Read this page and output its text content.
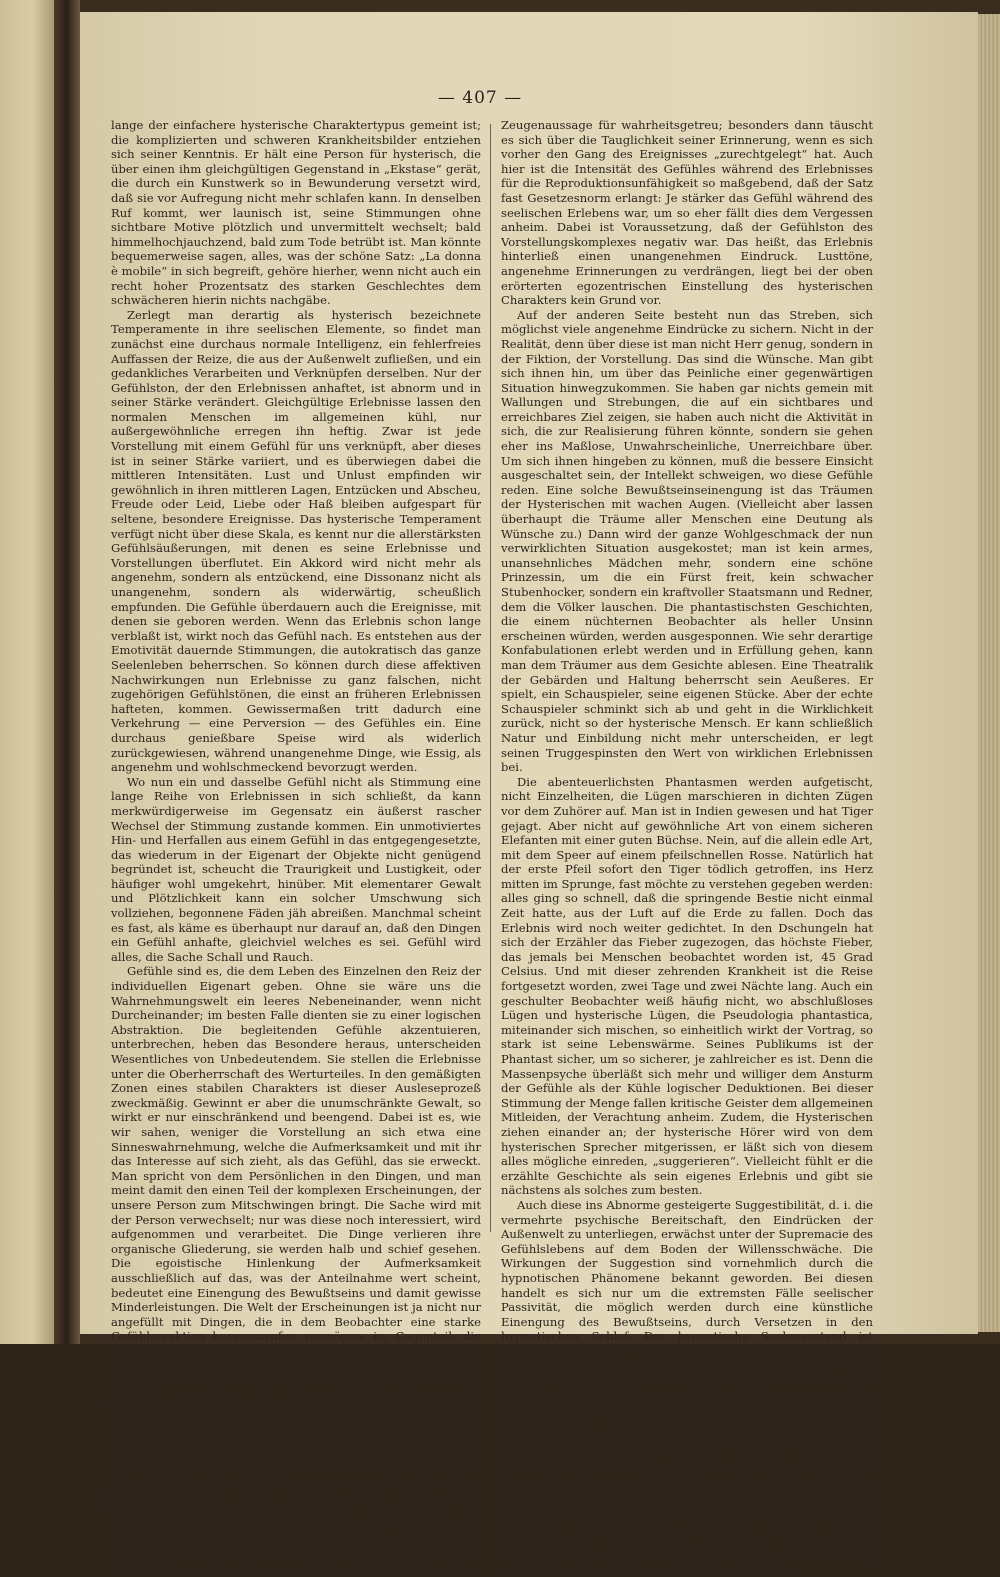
— 407 —

lange der einfachere hysterische Charaktertypus gemeint ist; die komplizierten und schweren Krankheitsbilder entziehen sich seiner Kenntnis. Er hält eine Person für hysterisch, die über einen ihm gleichgültigen Gegenstand in „Ekstase“ gerät, die durch ein Kunstwerk so in Bewunderung versetzt wird, daß sie vor Aufregung nicht mehr schlafen kann. In denselben Ruf kommt, wer launisch ist, seine Stimmungen ohne sichtbare Motive plötzlich und unvermittelt wechselt; bald himmelhochjauchzend, bald zum Tode betrübt ist. Man könnte bequemerweise sagen, alles, was der schöne Satz: „La donna è mobile“ in sich begreift, gehöre hierher, wenn nicht auch ein recht hoher Prozentsatz des starken Geschlechtes dem schwächeren hierin nichts nachgäbe.

Zerlegt man derartig als hysterisch bezeichnete Temperamente in ihre seelischen Elemente, so findet man zunächst eine durchaus normale Intelligenz, ein fehlerfreies Auffassen der Reize, die aus der Außenwelt zufließen, und ein gedankliches Verarbeiten und Verknüpfen derselben. Nur der Gefühlston, der den Erlebnissen anhaftet, ist abnorm und in seiner Stärke verändert. Gleichgültige Erlebnisse lassen den normalen Menschen im allgemeinen kühl, nur außergewöhnliche erregen ihn heftig. Zwar ist jede Vorstellung mit einem Gefühl für uns verknüpft, aber dieses ist in seiner Stärke variiert, und es überwiegen dabei die mittleren Intensitäten. Lust und Unlust empfinden wir gewöhnlich in ihren mittleren Lagen, Entzücken und Abscheu, Freude oder Leid, Liebe oder Haß bleiben aufgespart für seltene, besondere Ereignisse. Das hysterische Temperament verfügt nicht über diese Skala, es kennt nur die allerstärksten Gefühlsäußerungen, mit denen es seine Erlebnisse und Vorstellungen überflutet. Ein Akkord wird nicht mehr als angenehm, sondern als entzückend, eine Dissonanz nicht als unangenehm, sondern als widerwärtig, scheußlich empfunden. Die Gefühle überdauern auch die Ereignisse, mit denen sie geboren werden. Wenn das Erlebnis schon lange verblaßt ist, wirkt noch das Gefühl nach. Es entstehen aus der Emotivität dauernde Stimmungen, die autokratisch das ganze Seelenleben beherrschen. So können durch diese affektiven Nachwirkungen nun Erlebnisse zu ganz falschen, nicht zugehörigen Gefühlstönen, die einst an früheren Erlebnissen hafteten, kommen. Gewissermaßen tritt dadurch eine Verkehrung — eine Perversion — des Gefühles ein. Eine durchaus genießbare Speise wird als widerlich zurückgewiesen, während unangenehme Dinge, wie Essig, als angenehm und wohlschmeckend bevorzugt werden.

Wo nun ein und dasselbe Gefühl nicht als Stimmung eine lange Reihe von Erlebnissen in sich schließt, da kann merkwürdigerweise im Gegensatz ein äußerst rascher Wechsel der Stimmung zustande kommen. Ein unmotiviertes Hin- und Herfallen aus einem Gefühl in das entgegengesetzte, das wiederum in der Eigenart der Objekte nicht genügend begründet ist, scheucht die Traurigkeit und Lustigkeit, oder häufiger wohl umgekehrt, hinüber. Mit elementarer Gewalt und Plötzlichkeit kann ein solcher Umschwung sich vollziehen, begonnene Fäden jäh abreißen. Manchmal scheint es fast, als käme es überhaupt nur darauf an, daß den Dingen ein Gefühl anhafte, gleichviel welches es sei. Gefühl wird alles, die Sache Schall und Rauch.

Gefühle sind es, die dem Leben des Einzelnen den Reiz der individuellen Eigenart geben. Ohne sie wäre uns die Wahrnehmungswelt ein leeres Nebeneinander, wenn nicht Durcheinander; im besten Falle dienten sie zu einer logischen Abstraktion. Die begleitenden Gefühle akzentuieren, unterbrechen, heben das Besondere heraus, unterscheiden Wesentliches von Unbedeutendem. Sie stellen die Erlebnisse unter die Oberherrschaft des Werturteiles. In den gemäßigten Zonen eines stabilen Charakters ist dieser Ausleseprozeß zweckmäßig. Gewinnt er aber die unumschränkte Gewalt, so wirkt er nur einschränkend und beengend. Dabei ist es, wie wir sahen, weniger die Vorstellung an sich etwa eine Sinneswahrnehmung, welche die Aufmerksamkeit und mit ihr das Interesse auf sich zieht, als das Gefühl, das sie erweckt. Man spricht von dem Persönlichen in den Dingen, und man meint damit den einen Teil der komplexen Erscheinungen, der unsere Person zum Mitschwingen bringt. Die Sache wird mit der Person verwechselt; nur was diese noch interessiert, wird aufgenommen und verarbeitet. Die Dinge verlieren ihre organische Gliederung, sie werden halb und schief gesehen. Die egoistische Hinlenkung der Aufmerksamkeit ausschließlich auf das, was der Anteilnahme wert scheint, bedeutet eine Einengung des Bewußtseins und damit gewisse Minderleistungen. Die Welt der Erscheinungen ist ja nicht nur angefüllt mit Dingen, die in dem Beobachter eine starke Gefühlsreaktion hervorzurufen vermögen, im Gegenteil, die meisten tragen den Stempel mehr oder minder großer Indifferenz an sich. Die Wahrnehmung einer Anzahl dieser Dinge entfällt dem hysterisch eingeengten Bewußtsein. Dadurch entstehen in der zeitlichen Folge der Wahrnehmungen und Vorstellungen Lücken, die fast wie Intelligenzdefekte sich ausnehmen, während, wie schon oben gesagt, tatsächlich die Intelligenz normal ist, sehr häufig aber sogar den Durchschnitt überragt. Diese Lücken entgehen der Denkarbeit nicht. Sie trachtet sie auszufüllen. Aber die Füllsel sind nicht die realen Erlebnisse gewesen, sondern sie stellen fiktive Elemente dar. Dadurch wird der ganze Vorstellungskomplex verfälscht. Das äußert sich am häufigsten im täglichen Leben in einer mangelhaften Reproduktionsfähigkeit von Erlebnissen, in hysterischen Lügen. Das Individuum ist dabei sich durchaus nicht bewußt, eine Fälschung zu begehen, es hält seinen Bericht, etwa eine

Zeugenaussage für wahrheitsgetreu; besonders dann täuscht es sich über die Tauglichkeit seiner Erinnerung, wenn es sich vorher den Gang des Ereignisses „zurechtgelegt“ hat. Auch hier ist die Intensität des Gefühles während des Erlebnisses für die Reproduktionsunfähigkeit so maßgebend, daß der Satz fast Gesetzesnorm erlangt: Je stärker das Gefühl während des seelischen Erlebens war, um so eher fällt dies dem Vergessen anheim. Dabei ist Voraussetzung, daß der Gefühlston des Vorstellungskomplexes negativ war. Das heißt, das Erlebnis hinterließ einen unangenehmen Eindruck. Lusttöne, angenehme Erinnerungen zu verdrängen, liegt bei der oben erörterten egozentrischen Einstellung des hysterischen Charakters kein Grund vor.

Auf der anderen Seite besteht nun das Streben, sich möglichst viele angenehme Eindrücke zu sichern. Nicht in der Realität, denn über diese ist man nicht Herr genug, sondern in der Fiktion, der Vorstellung. Das sind die Wünsche. Man gibt sich ihnen hin, um über das Peinliche einer gegenwärtigen Situation hinwegzukommen. Sie haben gar nichts gemein mit Wallungen und Strebungen, die auf ein sichtbares und erreichbares Ziel zeigen, sie haben auch nicht die Aktivität in sich, die zur Realisierung führen könnte, sondern sie gehen eher ins Maßlose, Unwahrscheinliche, Unerreichbare über. Um sich ihnen hingeben zu können, muß die bessere Einsicht ausgeschaltet sein, der Intellekt schweigen, wo diese Gefühle reden. Eine solche Bewußtseinseinengung ist das Träumen der Hysterischen mit wachen Augen. (Vielleicht aber lassen überhaupt die Träume aller Menschen eine Deutung als Wünsche zu.) Dann wird der ganze Wohlgeschmack der nun verwirklichten Situation ausgekostet; man ist kein armes, unansehnliches Mädchen mehr, sondern eine schöne Prinzessin, um die ein Fürst freit, kein schwacher Stubenhocker, sondern ein kraftvoller Staatsmann und Redner, dem die Völker lauschen. Die phantastischsten Geschichten, die einem nüchternen Beobachter als heller Unsinn erscheinen würden, werden ausgesponnen. Wie sehr derartige Konfabulationen erlebt werden und in Erfüllung gehen, kann man dem Träumer aus dem Gesichte ablesen. Eine Theatralik der Gebärden und Haltung beherrscht sein Aeußeres. Er spielt, ein Schauspieler, seine eigenen Stücke. Aber der echte Schauspieler schminkt sich ab und geht in die Wirklichkeit zurück, nicht so der hysterische Mensch. Er kann schließlich Natur und Einbildung nicht mehr unterscheiden, er legt seinen Truggespinsten den Wert von wirklichen Erlebnissen bei.

Die abenteuerlichsten Phantasmen werden aufgetischt, nicht Einzelheiten, die Lügen marschieren in dichten Zügen vor dem Zuhörer auf. Man ist in Indien gewesen und hat Tiger gejagt. Aber nicht auf gewöhnliche Art von einem sicheren Elefanten mit einer guten Büchse. Nein, auf die allein edle Art, mit dem Speer auf einem pfeilschnellen Rosse. Natürlich hat der erste Pfeil sofort den Tiger tödlich getroffen, ins Herz mitten im Sprunge, fast möchte zu verstehen gegeben werden: alles ging so schnell, daß die springende Bestie nicht einmal Zeit hatte, aus der Luft auf die Erde zu fallen. Doch das Erlebnis wird noch weiter gedichtet. In den Dschungeln hat sich der Erzähler das Fieber zugezogen, das höchste Fieber, das jemals bei Menschen beobachtet worden ist, 45 Grad Celsius. Und mit dieser zehrenden Krankheit ist die Reise fortgesetzt worden, zwei Tage und zwei Nächte lang. Auch ein geschulter Beobachter weiß häufig nicht, wo abschlußloses Lügen und hysterische Lügen, die Pseudologia phantastica, miteinander sich mischen, so einheitlich wirkt der Vortrag, so stark ist seine Lebenswärme. Seines Publikums ist der Phantast sicher, um so sicherer, je zahlreicher es ist. Denn die Massenpsyche überläßt sich mehr und williger dem Ansturm der Gefühle als der Kühle logischer Deduktionen. Bei dieser Stimmung der Menge fallen kritische Geister dem allgemeinen Mitleiden, der Verachtung anheim. Zudem, die Hysterischen ziehen einander an; der hysterische Hörer wird von dem hysterischen Sprecher mitgerissen, er läßt sich von diesem alles mögliche einreden, „suggerieren“. Vielleicht fühlt er die erzählte Geschichte als sein eigenes Erlebnis und gibt sie nächstens als solches zum besten.

Auch diese ins Abnorme gesteigerte Suggestibilität, d. i. die vermehrte psychische Bereitschaft, den Eindrücken der Außenwelt zu unterliegen, erwächst unter der Supremacie des Gefühlslebens auf dem Boden der Willensschwäche. Die Wirkungen der Suggestion sind vornehmlich durch die hypnotischen Phänomene bekannt geworden. Bei diesen handelt es sich nur um die extremsten Fälle seelischer Passivität, die möglich werden durch eine künstliche Einengung des Bewußtseins, durch Versetzen in den hypnotischen Schlaf. Der hypnotische Seelenzustand ist wahrscheinlich nur eine quantitative Steigerung des hysterischen. Auch der scheinbar wache Hysteriker — wir haben oben gezeigt, daß dieser Wachzustand nur scheinbar besteht — ist Einredungen und Vorspiegelungen von außen auf das Leichteste zugänglich. Vieles beeinflußt ihn, was auf den normalen Menschen gar nicht wirkt, Besonders Kuriositäten und Absonderlichkeiten, die er beobachtet und die seine Gefühle in Wallung bringen, ziehen die Aufmerksamkeit auf sich, daß er sie wirklich wiedererlebt. So kommen Imitationen von Erlebnissen zustande: Krampfanfälle, die an irgend einem Kranken beobachtet worden sind, werden nachgeahmt, oder, ein harmloseres Beispiel, Gebärden, Haltung, Ausdrucksweise, Stimme, Tonfall eines imponierenden Menschen werden angenommen. Vorbedingung ist immer nur, daß die auslösende Vorstellung gefühlsbesetzt war. Wenn auch all diese Sonderbar-
